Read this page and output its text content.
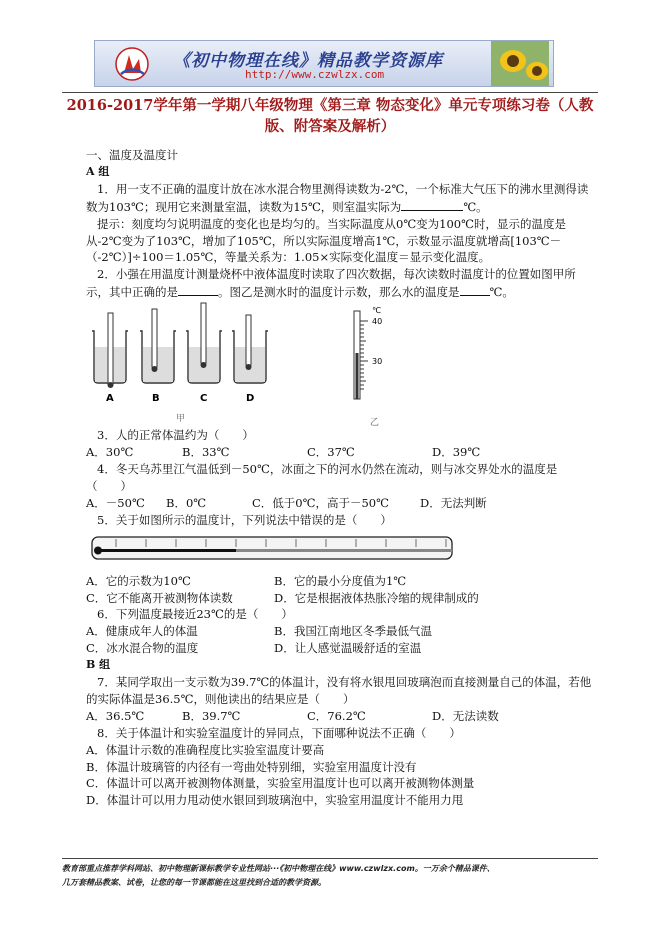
《初中物理在线》精品教学资源库
http://www.czwlzx.com
2016-2017学年第一学期八年级物理《第三章 物态变化》单元专项练习卷（人教版、附答案及解析）

一、温度及温度计

A 组

1．用一支不正确的温度计放在冰水混合物里测得读数为-2℃，一个标准大气压下的沸水里测得读数为103℃；现用它来测量室温，读数为15℃，则室温实际为	℃。

提示：刻度均匀说明温度的变化也是均匀的。当实际温度从0℃变为100℃时，显示的温度是从-2℃变为了103℃，增加了105℃，所以实际温度增高1℃，示数显示温度就增高[103℃－（-2℃）]÷100＝1.05℃，等量关系为：1.05×实际变化温度＝显示变化温度。

2．小强在用温度计测量烧杯中液体温度时读取了四次数据，每次读数时温度计的位置如图甲所示，其中正确的是	。图乙是测水时的温度计示数，那么水的温度是	℃。

A	B	C	D
甲
℃
40
30
乙

3．人的正常体温约为（　　）

A．30℃	B．33℃	C．37℃	D．39℃

4．冬天乌苏里江气温低到－50℃，冰面之下的河水仍然在流动，则与冰交界处水的温度是（　　）

A．－50℃	B．0℃	C．低于0℃，高于－50℃	D．无法判断

5．关于如图所示的温度计，下列说法中错误的是（　　）

A．它的示数为10℃	B．它的最小分度值为1℃
C．它不能离开被测物体读数	D．它是根据液体热胀冷缩的规律制成的

6．下列温度最接近23℃的是（　　）

A．健康成年人的体温	B．我国江南地区冬季最低气温
C．冰水混合物的温度	D．让人感觉温暖舒适的室温

B 组

7．某同学取出一支示数为39.7℃的体温计，没有将水银甩回玻璃泡而直接测量自己的体温，若他的实际体温是36.5℃，则他读出的结果应是（　　）

A．36.5℃	B．39.7℃	C．76.2℃	D．无法读数

8．关于体温计和实验室温度计的异同点，下面哪种说法不正确（　　）

A．体温计示数的准确程度比实验室温度计要高

B．体温计玻璃管的内径有一弯曲处特别细，实验室用温度计没有

C．体温计可以离开被测物体测量，实验室用温度计也可以离开被测物体测量

D．体温计可以用力甩动使水银回到玻璃泡中，实验室用温度计不能用力甩

教育部重点推荐学科网站、初中物理新课标教学专业性网站···《初中物理在线》www.czwlzx.com。一万余个精品课件、
几万套精品教案、试卷，让您的每一节课都能在这里找到合适的教学资源。
